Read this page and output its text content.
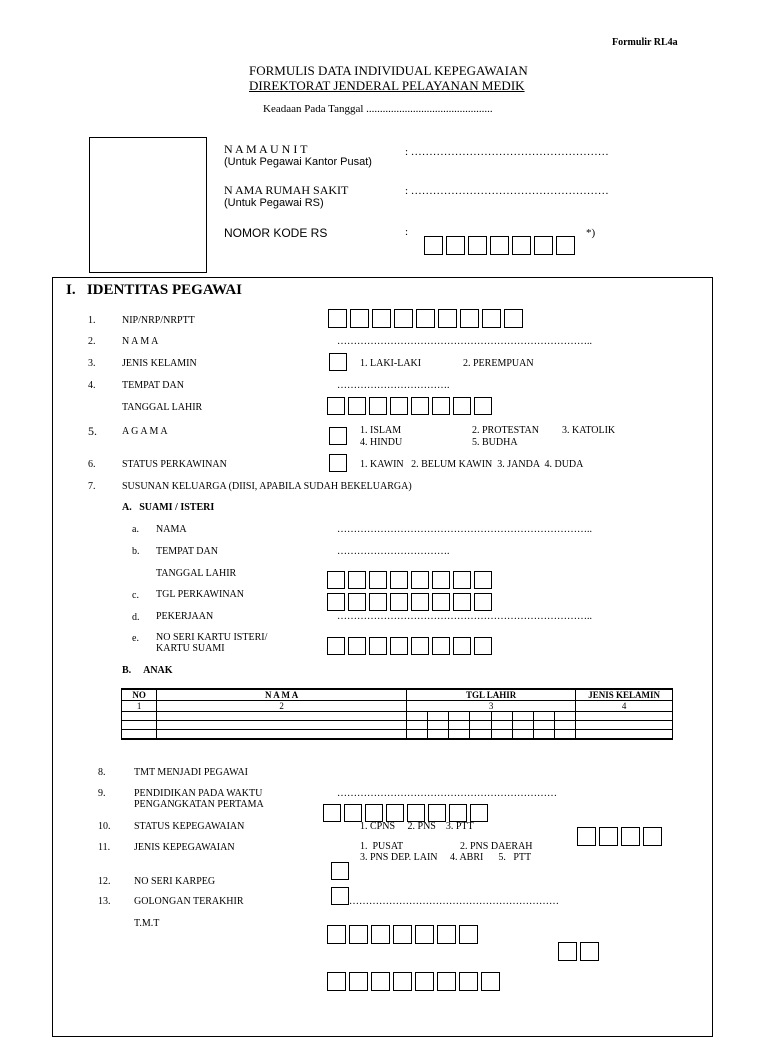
Formulir RL4a
FORMULIS DATA INDIVIDUAL KEPEGAWAIAN
DIREKTORAT JENDERAL PELAYANAN MEDIK
Keadaan Pada Tanggal ..............................................
N A M A U N I T
(Untuk Pegawai Kantor Pusat)
: ………………………………………………
N AMA RUMAH SAKIT
(Untuk Pegawai RS)
: ………………………………………………
NOMOR KODE RS	:	*)
I.   IDENTITAS PEGAWAI
1.	NIP/NRP/NRPTT
2.	N A M A	…………………………………………………………………..
3.	JENIS KELAMIN	1. LAKI-LAKI	2. PEREMPUAN
4.	TEMPAT DAN	…………………………….
TANGGAL LAHIR
5.	A G A M A	1. ISLAM	2. PROTESTAN 3. KATOLIK
4. HINDU	5. BUDHA
6.	STATUS PERKAWINAN	1. KAWIN   2. BELUM KAWIN  3. JANDA  4. DUDA
7.	SUSUNAN KELUARGA (DIISI, APABILA SUDAH BEKELUARGA)
A.   SUAMI / ISTERI
a. NAMA	…………………………………………………………………..
b. TEMPAT DAN	…………………………….
TANGGAL LAHIR
c. TGL PERKAWINAN
d. PEKERJAAN	…………………………………………………………………..
e. NO SERI KARTU ISTERI/
KARTU SUAMI
B.     ANAK
NO	N A M A	TGL LAHIR								JENIS KELAMIN
1	2	3								4

8.	TMT MENJADI PEGAWAI
9.	PENDIDIKAN PADA WAKTU
PENGANGKATAN PERTAMA
…………………………………………………………
10. STATUS KEPEGAWAIAN	1. CPNS     2. PNS    3. PTT
11. JENIS KEPEGAWAIAN	1.  PUSAT	2. PNS DAERAH
3. PNS DEP. LAIN     4. ABRI      5.   PTT
12. NO SERI KARPEG
13. GOLONGAN TERAKHIR	………………………………………………………
T.M.T
